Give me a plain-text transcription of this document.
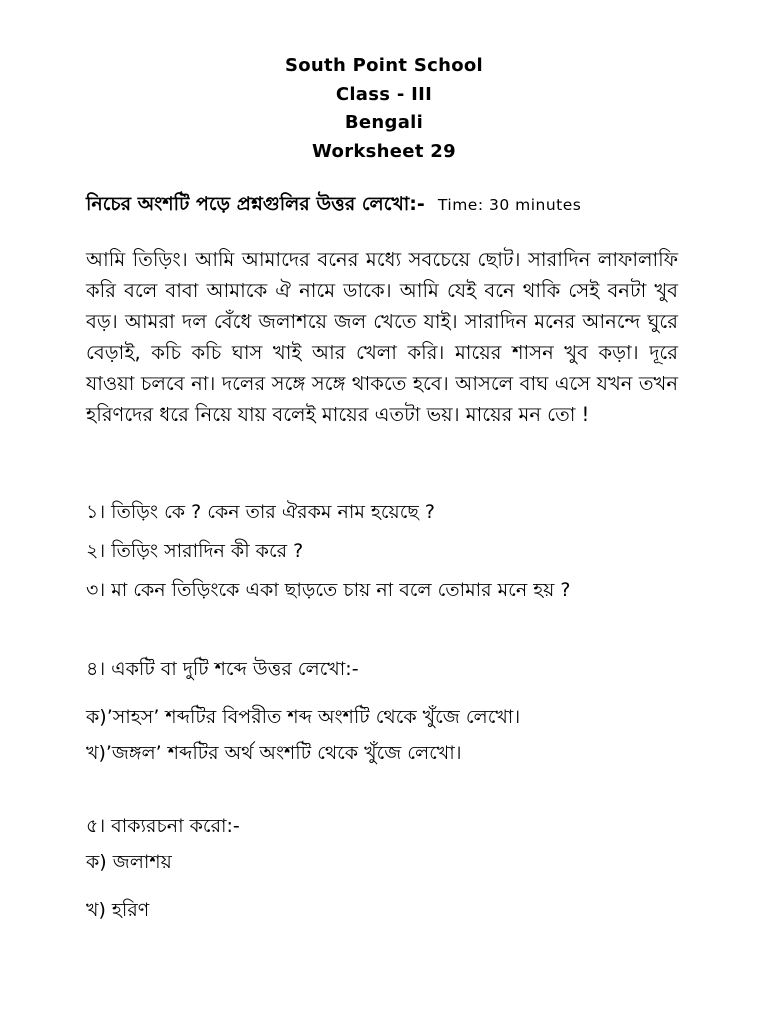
South Point School
Class - III
Bengali
Worksheet 29
নিচের অংশটি পড়ে প্রশ্নগুলির উত্তর লেখো:- Time: 30 minutes
আমি তিড়িং। আমি আমাদের বনের মধ্যে সবচেয়ে ছোট। সারাদিন লাফালাফি করি বলে বাবা আমাকে ঐ নামে ডাকে। আমি যেই বনে থাকি সেই বনটা খুব বড়। আমরা দল বেঁধে জলাশয়ে জল খেতে যাই। সারাদিন মনের আনন্দে ঘুরে বেড়াই, কচি কচি ঘাস খাই আর খেলা করি। মায়ের শাসন খুব কড়া। দূরে যাওয়া চলবে না। দলের সঙ্গে সঙ্গে থাকতে হবে। আসলে বাঘ এসে যখন তখন হরিণদের ধরে নিয়ে যায় বলেই মায়ের এতটা ভয়। মায়ের মন তো !
১। তিড়িং কে ? কেন তার ঐরকম নাম হয়েছে ?
২। তিড়িং সারাদিন কী করে ?
৩। মা কেন তিড়িংকে একা ছাড়তে চায় না বলে তোমার মনে হয় ?
৪। একটি বা দুটি শব্দে উত্তর লেখো:-
ক)’সাহস’ শব্দটির বিপরীত শব্দ অংশটি থেকে খুঁজে লেখো।
খ)’জঙ্গল’ শব্দটির অর্থ অংশটি থেকে খুঁজে লেখো।
৫। বাক্যরচনা করো:-
ক) জলাশয়
খ) হরিণ
